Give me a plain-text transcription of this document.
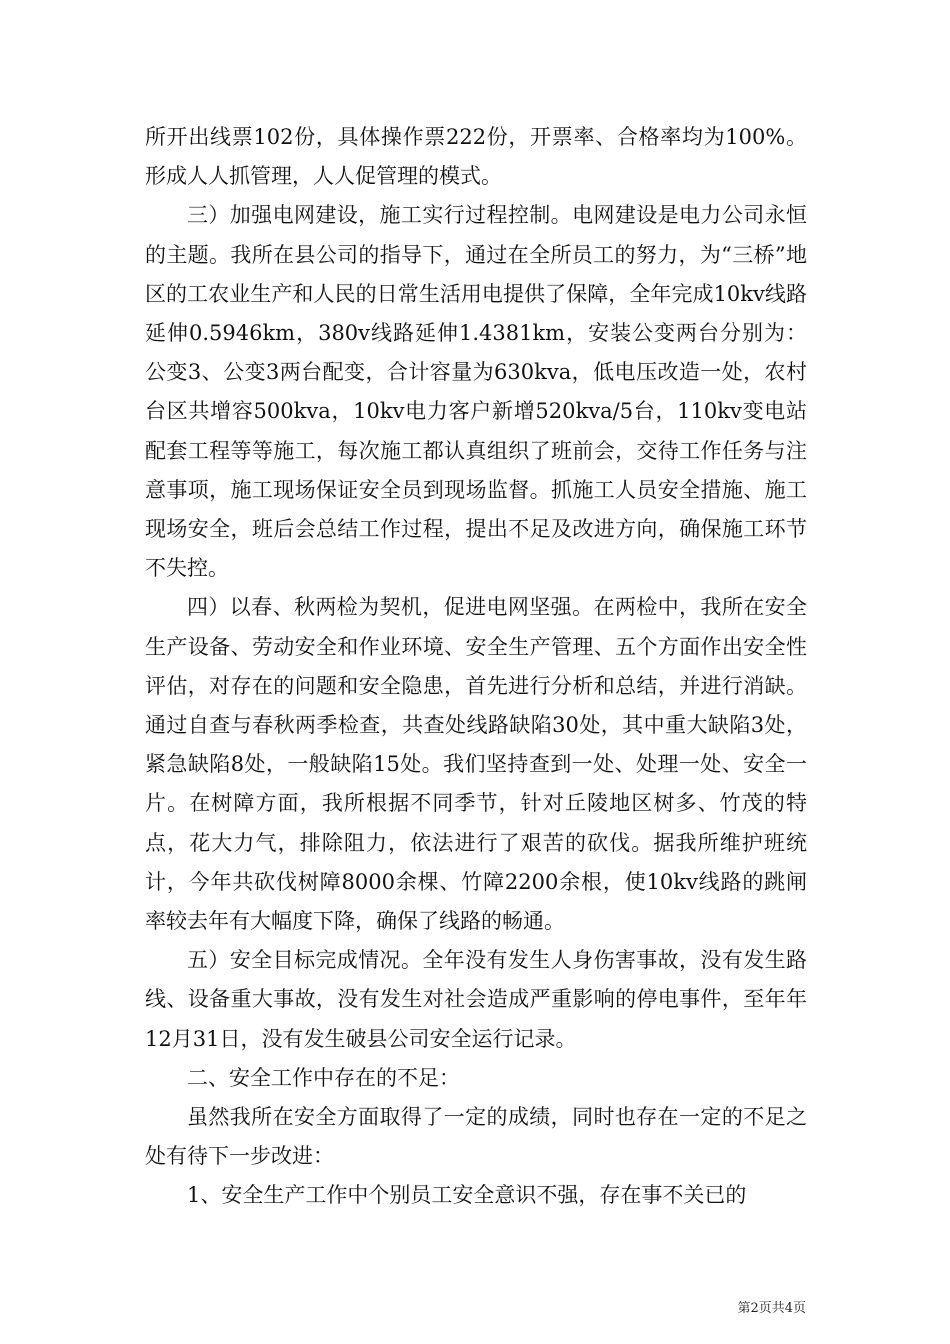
所开出线票102份，具体操作票222份，开票率、合格率均为100%。形成人人抓管理，人人促管理的模式。

三）加强电网建设，施工实行过程控制。电网建设是电力公司永恒的主题。我所在县公司的指导下，通过在全所员工的努力，为“三桥”地区的工农业生产和人民的日常生活用电提供了保障，全年完成10kv线路延伸0.5946km，380v线路延伸1.4381km，安装公变两台分别为：公变3、公变3两台配变，合计容量为630kva，低电压改造一处，农村台区共增容500kva，10kv电力客户新增520kva/5台，110kv变电站配套工程等等施工，每次施工都认真组织了班前会，交待工作任务与注意事项，施工现场保证安全员到现场监督。抓施工人员安全措施、施工现场安全，班后会总结工作过程，提出不足及改进方向，确保施工环节不失控。

四）以春、秋两检为契机，促进电网坚强。在两检中，我所在安全生产设备、劳动安全和作业环境、安全生产管理、五个方面作出安全性评估，对存在的问题和安全隐患，首先进行分析和总结，并进行消缺。通过自查与春秋两季检查，共查处线路缺陷30处，其中重大缺陷3处，紧急缺陷8处，一般缺陷15处。我们坚持查到一处、处理一处、安全一片。在树障方面，我所根据不同季节，针对丘陵地区树多、竹茂的特点，花大力气，排除阻力，依法进行了艰苦的砍伐。据我所维护班统计，今年共砍伐树障8000余棵、竹障2200余根，使10kv线路的跳闸率较去年有大幅度下降，确保了线路的畅通。

五）安全目标完成情况。全年没有发生人身伤害事故，没有发生路线、设备重大事故，没有发生对社会造成严重影响的停电事件，至年年12月31日，没有发生破县公司安全运行记录。

二、安全工作中存在的不足：

虽然我所在安全方面取得了一定的成绩，同时也存在一定的不足之处有待下一步改进：

1、安全生产工作中个别员工安全意识不强，存在事不关已的

第2页共4页
